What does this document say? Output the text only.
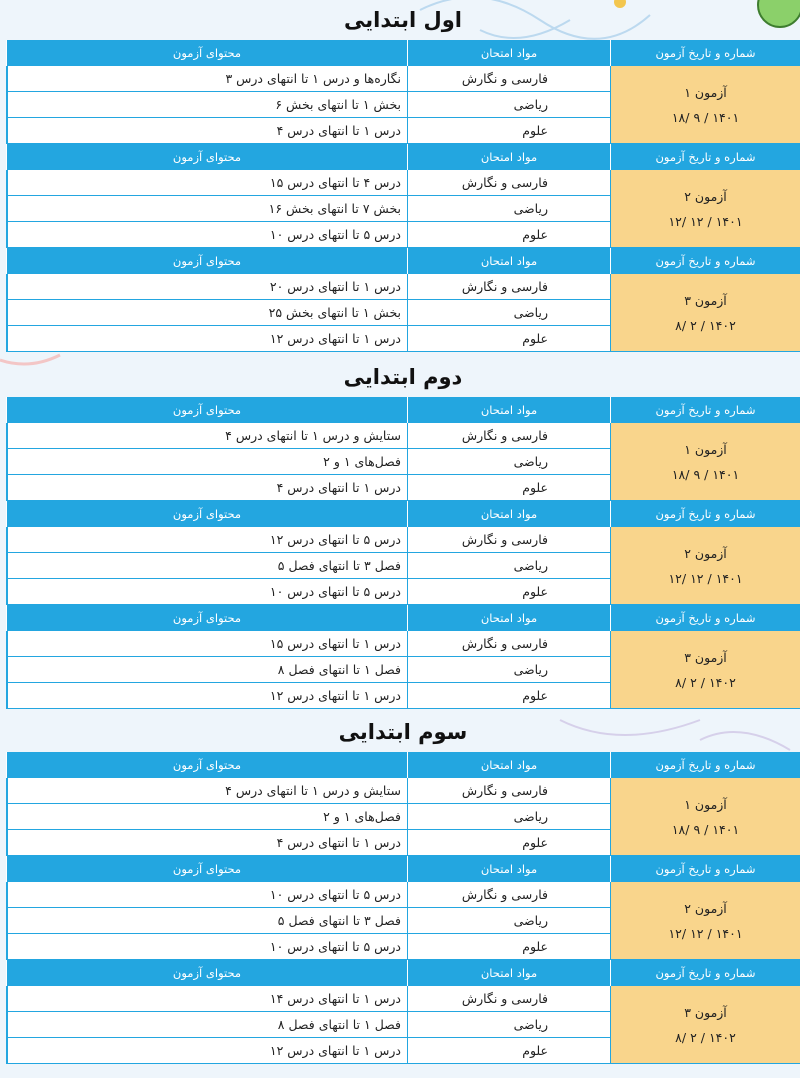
اول ابتدایی
شماره و تاریخ آزمون
مواد امتحان
محتوای آزمون
آزمون ۱
۱۴۰۱ / ۹ /۱۸
فارسی و نگارش
نگاره‌ها و درس ۱ تا انتهای درس ۳
ریاضی
بخش ۱ تا انتهای بخش ۶
علوم
درس ۱ تا انتهای درس ۴
شماره و تاریخ آزمون
مواد امتحان
محتوای آزمون
آزمون ۲
۱۴۰۱ / ۱۲ /۱۲
فارسی و نگارش
درس ۴ تا انتهای درس ۱۵
ریاضی
بخش ۷ تا انتهای بخش ۱۶
علوم
درس ۵ تا انتهای درس ۱۰
شماره و تاریخ آزمون
مواد امتحان
محتوای آزمون
آزمون ۳
۱۴۰۲ / ۲ /۸
فارسی و نگارش
درس ۱ تا انتهای درس ۲۰
ریاضی
بخش ۱ تا انتهای بخش ۲۵
علوم
درس ۱ تا انتهای درس ۱۲
دوم ابتدایی
شماره و تاریخ آزمون
مواد امتحان
محتوای آزمون
آزمون ۱
۱۴۰۱ / ۹ /۱۸
فارسی و نگارش
ستایش و درس ۱ تا انتهای درس ۴
ریاضی
فصل‌های ۱ و ۲
علوم
درس ۱ تا انتهای درس ۴
شماره و تاریخ آزمون
مواد امتحان
محتوای آزمون
آزمون ۲
۱۴۰۱ / ۱۲ /۱۲
فارسی و نگارش
درس ۵ تا انتهای درس ۱۲
ریاضی
فصل ۳ تا انتهای فصل ۵
علوم
درس ۵ تا انتهای درس ۱۰
شماره و تاریخ آزمون
مواد امتحان
محتوای آزمون
آزمون ۳
۱۴۰۲ / ۲ /۸
فارسی و نگارش
درس ۱ تا انتهای درس ۱۵
ریاضی
فصل ۱ تا انتهای فصل ۸
علوم
درس ۱ تا انتهای درس ۱۲
سوم ابتدایی
شماره و تاریخ آزمون
مواد امتحان
محتوای آزمون
آزمون ۱
۱۴۰۱ / ۹ /۱۸
فارسی و نگارش
ستایش و درس ۱ تا انتهای درس ۴
ریاضی
فصل‌های ۱ و ۲
علوم
درس ۱ تا انتهای درس ۴
شماره و تاریخ آزمون
مواد امتحان
محتوای آزمون
آزمون ۲
۱۴۰۱ / ۱۲ /۱۲
فارسی و نگارش
درس ۵ تا انتهای درس ۱۰
ریاضی
فصل ۳ تا انتهای فصل ۵
علوم
درس ۵ تا انتهای درس ۱۰
شماره و تاریخ آزمون
مواد امتحان
محتوای آزمون
آزمون ۳
۱۴۰۲ / ۲ /۸
فارسی و نگارش
درس ۱ تا انتهای درس ۱۴
ریاضی
فصل ۱ تا انتهای فصل ۸
علوم
درس ۱ تا انتهای درس ۱۲
